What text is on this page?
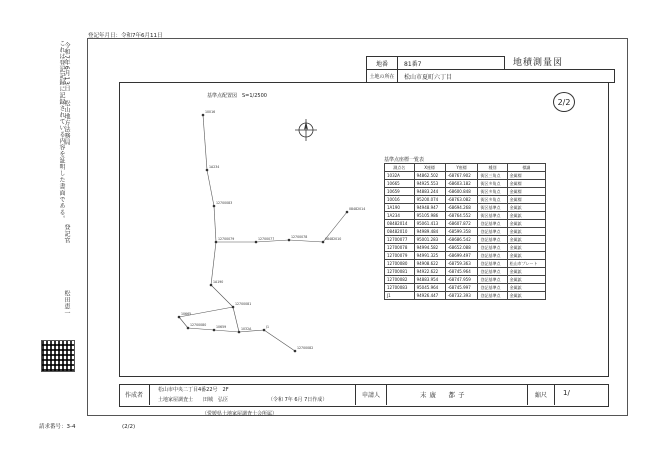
登記年月日：令和7年6月11日
これは登記記録に記録されている内容を証明した書面である。
令和7年6月13日
松山地方法務局
登記官
松田恵一
請求番号：3-4	(2/2)
地番	81番7
土地の所在	松山市夏町六丁目
地積測量図
2/2
基準点配置図　S=1/2500
10016
1A234
12700083
08482014
12700079	12700077	12700078	08482010
1A190
12700081
10665
12700080	10659	1032A	J1
12700082
基準点座標一覧表
測点名	X座標	Y座標	種別	標識
1032A	94862.502	-68767.902	街区三角点	金属標
10665	94925.553	-68603.182	街区多角点	金属標
10659	94883.244	-68600.848	街区多角点	金属標
10016	95200.074	-68763.082	街区多角点	金属標
1A190	94948.947	-68694.268	街区基準点	金属鋲
1A234	95105.986	-68764.552	街区基準点	金属鋲
08482014	95061.413	-68607.872	登記基準点	金属鋲
08482010	94989.484	-68599.358	登記基準点	金属鋲
12700077	95001.283	-68686.542	登記基準点	金属鋲
12700078	94994.582	-68652.088	登記基準点	金属鋲
12700079	94991.325	-68699.497	登記基準点	金属鋲
12700080	94908.622	-68759.363	登記基準点	松山市プレート
12700081	94922.622	-68745.964	登記基準点	金属鋲
12700082	94883.954	-68747.959	登記基準点	金属鋲
12700083	95045.964	-68745.997	登記基準点	金属鋲
J1	94926.447	-68732.393	登記基準点	金属鋲
作成者
松山市中央二丁目4番22号　2F
土地家屋調査士　　田城　弘臣	（令和 7年 6月 7日作成）
申請人	末廣　都子	縮尺	1/
（愛媛県土地家屋調査士会所属）
